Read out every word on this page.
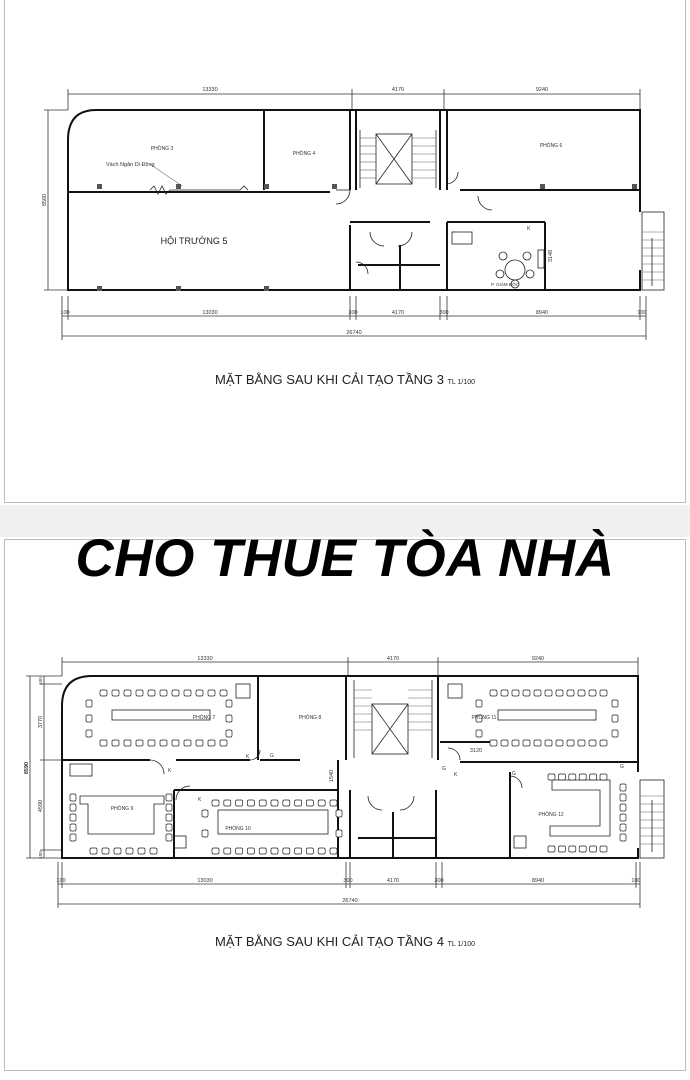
13330	4170	9240
100	13030	300	4170	300	8940	100
26740
8560
3148
PHÒNG 3
PHÒNG 4
PHÒNG 6
Vách Ngăn Di Động
P. GIÁM ĐỐC
K
HỘI TRƯỜNG 5
MẶT BẰNG SAU KHI CẢI TẠO TẦNG 3 TL 1/100
CHO THUE TÒA NHÀ
13330	4170	9240
100	13030	300	4170	300	8940	100
26740
8590
100
3770
4590
100
1540
3120
PHÒNG 7	PHÒNG 8
PHÒNG 9
PHÒNG 10
PHÒNG 11
PHÒNG 12
K
K
K
K
G
G
G
G
MẶT BẰNG SAU KHI CẢI TẠO TẦNG 4 TL 1/100
